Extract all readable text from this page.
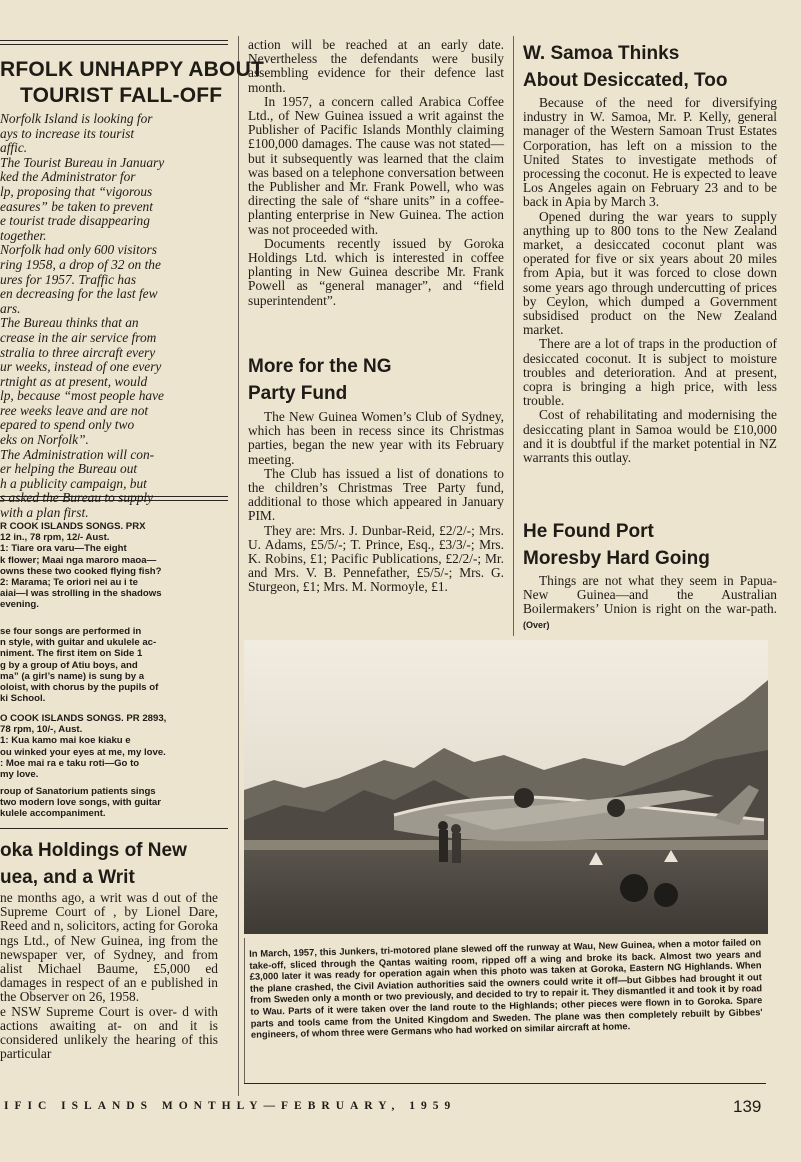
RFOLK UNHAPPY ABOUT
TOURIST FALL-OFF
Norfolk Island is looking for
ays to increase its tourist
affic.
The Tourist Bureau in January
ked the Administrator for
lp, proposing that “vigorous
easures” be taken to prevent
e tourist trade disappearing
together.
Norfolk had only 600 visitors
ring 1958, a drop of 32 on the
ures for 1957. Traffic has
en decreasing for the last few
ars.
The Bureau thinks that an
crease in the air service from
stralia to three aircraft every
ur weeks, instead of one every
rtnight as at present, would
lp, because “most people have
ree weeks leave and are not
epared to spend only two
eks on Norfolk”.
The Administration will con-
er helping the Bureau out
h a publicity campaign, but
s asked the Bureau to supply
with a plan first.
R COOK ISLANDS SONGS. PRX
12 in., 78 rpm, 12/- Aust.
1: Tiare ora varu—The eight
k flower; Maai nga maroro maoa—
owns these two cooked flying fish?
2: Marama; Te oriori nei au i te
aiai—I was strolling in the shadows
evening.
se four songs are performed in
n style, with guitar and ukulele ac-
niment. The first item on Side 1
g by a group of Atiu boys, and
ma” (a girl’s name) is sung by a
oloist, with chorus by the pupils of
ki School.
O COOK ISLANDS SONGS. PR 2893,
78 rpm, 10/-, Aust.
1: Kua kamo mai koe kiaku e
ou winked your eyes at me, my love.
: Moe mai ra e taku roti—Go to
my love.
roup of Sanatorium patients sings
two modern love songs, with guitar
kulele accompaniment.
oka Holdings of New
uea, and a Writ

ne months ago, a writ was d out of the Supreme Court of , by Lionel Dare, Reed and n, solicitors, acting for Goroka ngs Ltd., of New Guinea, ing from the newspaper ver, of Sydney, and from alist Michael Baume, £5,000 ed damages in respect of an e published in the Observer on 26, 1958.

e NSW Supreme Court is over- d with actions awaiting at- on and it is considered unlikely the hearing of this particular

action will be reached at an early date. Nevertheless the defendants were busily assembling evidence for their defence last month.

In 1957, a concern called Arabica Coffee Ltd., of New Guinea issued a writ against the Publisher of Pacific Islands Monthly claiming £100,000 damages. The cause was not stated—but it subsequently was learned that the claim was based on a telephone conversation between the Publisher and Mr. Frank Powell, who was directing the sale of “share units” in a coffee-planting enterprise in New Guinea. The action was not proceeded with.

Documents recently issued by Goroka Holdings Ltd. which is interested in coffee planting in New Guinea describe Mr. Frank Powell as “general manager”, and “field superintendent”.

More for the NG
Party Fund

The New Guinea Women’s Club of Sydney, which has been in recess since its Christmas parties, began the new year with its February meeting.

The Club has issued a list of donations to the children’s Christmas Tree Party fund, additional to those which appeared in January PIM.

They are: Mrs. J. Dunbar-Reid, £2/2/-; Mrs. U. Adams, £5/5/-; T. Prince, Esq., £3/3/-; Mrs. K. Robins, £1; Pacific Publications, £2/2/-; Mr. and Mrs. V. B. Pennefather, £5/5/-; Mrs. G. Sturgeon, £1; Mrs. M. Normoyle, £1.

W. Samoa Thinks
About Desiccated, Too

Because of the need for diversifying industry in W. Samoa, Mr. P. Kelly, general manager of the Western Samoan Trust Estates Corporation, has left on a mission to the United States to investigate methods of processing the coconut. He is expected to leave Los Angeles again on February 23 and to be back in Apia by March 3.

Opened during the war years to supply anything up to 800 tons to the New Zealand market, a desiccated coconut plant was operated for five or six years about 20 miles from Apia, but it was forced to close down some years ago through undercutting of prices by Ceylon, which dumped a Government subsidised product on the New Zealand market.

There are a lot of traps in the production of desiccated coconut. It is subject to moisture troubles and deterioration. And at present, copra is bringing a high price, with less trouble.

Cost of rehabilitating and modernising the desiccating plant in Samoa would be £10,000 and it is doubtful if the market potential in NZ warrants this outlay.

He Found Port
Moresby Hard Going

Things are not what they seem in Papua-New Guinea—and the Australian Boilermakers’ Union is right on the war-path. (Over)

In March, 1957, this Junkers, tri-motored plane slewed off the runway at Wau, New Guinea, when a motor failed on take-off, sliced through the Qantas waiting room, ripped off a wing and broke its back. Almost two years and £3,000 later it was ready for operation again when this photo was taken at Goroka, Eastern NG Highlands. When the plane crashed, the Civil Aviation authorities said the owners could write it off—but Gibbes had brought it out from Sweden only a month or two previously, and decided to try to repair it. They dismantled it and took it by road to Wau. Parts of it were taken over the land route to the Highlands; other pieces were flown in to Goroka. Spare parts and tools came from the United Kingdom and Sweden. The plane was then completely rebuilt by Gibbes' engineers, of whom three were Germans who had worked on similar aircraft at home.
IFIC ISLANDS MONTHLY—FEBRUARY, 1959	139
